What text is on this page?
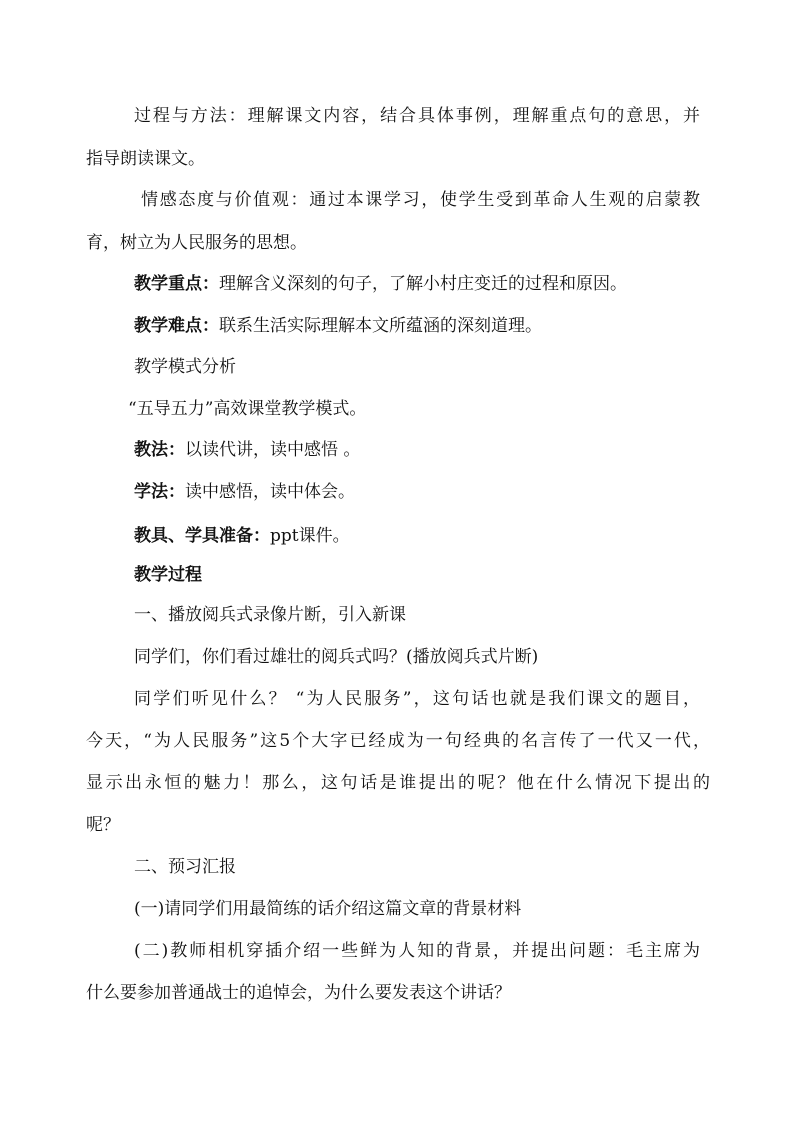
过程与方法：理解课文内容，结合具体事例，理解重点句的意思，并
指导朗读课文。
情感态度与价值观：通过本课学习，使学生受到革命人生观的启蒙教
育，树立为人民服务的思想。
教学重点：理解含义深刻的句子，了解小村庄变迁的过程和原因。
教学难点：联系生活实际理解本文所蕴涵的深刻道理。
教学模式分析
“五导五力”高效课堂教学模式。
教法：以读代讲，读中感悟 。
学法：读中感悟，读中体会。
教具、学具准备：ppt课件。
教学过程
一、播放阅兵式录像片断，引入新课
同学们，你们看过雄壮的阅兵式吗？(播放阅兵式片断)
同学们听见什么？ “为人民服务”，这句话也就是我们课文的题目，
今天，“为人民服务”这5个大字已经成为一句经典的名言传了一代又一代，
显示出永恒的魅力！那么，这句话是谁提出的呢？他在什么情况下提出的
呢？
二、预习汇报
(一)请同学们用最简练的话介绍这篇文章的背景材料
(二)教师相机穿插介绍一些鲜为人知的背景，并提出问题：毛主席为
什么要参加普通战士的追悼会，为什么要发表这个讲话？
